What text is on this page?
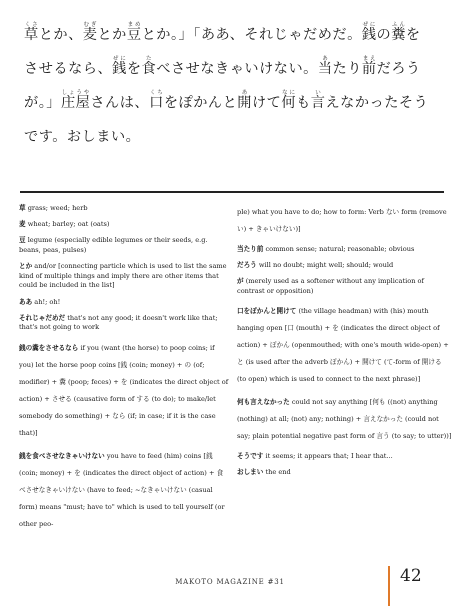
草くさとか、麦むぎとか豆まめとか。」「ああ、それじゃだめだ。銭ぜにの糞ふんを
させるなら、銭ぜにを食たべさせなきゃいけない。当あたり前まえだろう
が。」庄屋しょうやさんは、口くちをぽかんと開あけて何なにも言いえなかったそう
です。おしまい。
草 grass; weed; herb
麦 wheat; barley; oat (oats)
豆 legume (especially edible legumes or their seeds, e.g. beans, peas, pulses)
とか and/or [connecting particle which is used to list the same kind of multiple things and imply there are other items that could be included in the list]
ああ ah!; oh!
それじゃだめだ that's not any good; it doesn't work like that; that's not going to work
銭の糞をさせるなら if you (want (the horse) to poop coins; if you) let the horse poop coins [銭 (coin; money) + の (of; modifier) + 糞 (poop; feces) + を (indicates the direct object of action) + させる (causative form of する (to do); to make/let somebody do something) + なら (if; in case; if it is the case that)]
銭を食べさせなきゃいけない you have to feed (him) coins [銭 (coin; money) + を (indicates the direct object of action) + 食べさせなきゃいけない (have to feed; ~なきゃいけない (casual form) means "must; have to" which is used to tell yourself (or other peo-
ple) what you have to do; how to form: Verb ない form (remove い) + きゃいけない)]
当たり前 common sense; natural; reasonable; obvious
だろう will no doubt; might well; should; would
が (merely used as a softener without any implication of contrast or opposition)
口をぽかんと開けて (the village headman) with (his) mouth hanging open [口 (mouth) + を (indicates the direct object of action) + ぽかん (openmouthed; with one's mouth wide-open) + と (is used after the adverb ぽかん) + 開けて (て-form of 開ける (to open) which is used to connect to the next phrase)]
何も言えなかった could not say anything [何も ((not) anything (nothing) at all; (not) any; nothing) + 言えなかった (could not say; plain potential negative past form of 言う (to say; to utter))]
そうです it seems; it appears that; I hear that...
おしまい the end
MAKOTO MAGAZINE #31	42
